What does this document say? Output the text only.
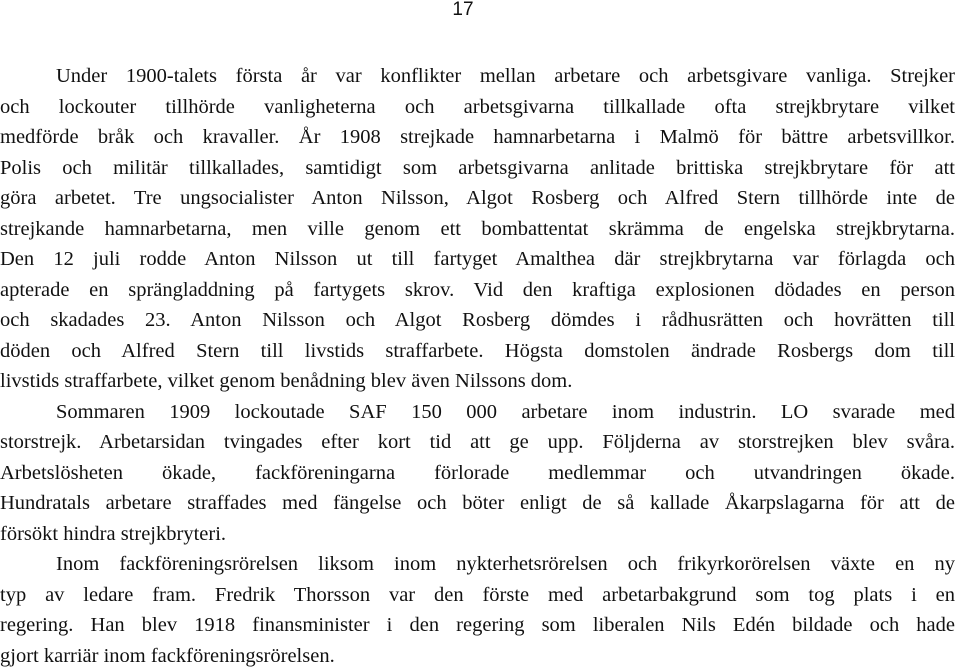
17
Under 1900-talets första år var konflikter mellan arbetare och arbetsgivare vanliga. Strejker
och lockouter tillhörde vanligheterna och arbetsgivarna tillkallade ofta strejkbrytare vilket
medförde bråk och kravaller. År 1908 strejkade hamnarbetarna i Malmö för bättre arbetsvillkor.
Polis och militär tillkallades, samtidigt som arbetsgivarna anlitade brittiska strejkbrytare för att
göra arbetet. Tre ungsocialister Anton Nilsson, Algot Rosberg och Alfred Stern tillhörde inte de
strejkande hamnarbetarna, men ville genom ett bombattentat skrämma de engelska strejkbrytarna.
Den 12 juli rodde Anton Nilsson ut till fartyget Amalthea där strejkbrytarna var förlagda och
apterade en sprängladdning på fartygets skrov. Vid den kraftiga explosionen dödades en person
och skadades 23. Anton Nilsson och Algot Rosberg dömdes i rådhusrätten och hovrätten till
döden och Alfred Stern till livstids straffarbete. Högsta domstolen ändrade Rosbergs dom till
livstids straffarbete, vilket genom benådning blev även Nilssons dom.
Sommaren 1909 lockoutade SAF 150 000 arbetare inom industrin. LO svarade med
storstrejk. Arbetarsidan tvingades efter kort tid att ge upp. Följderna av storstrejken blev svåra.
Arbetslösheten ökade, fackföreningarna förlorade medlemmar och utvandringen ökade.
Hundratals arbetare straffades med fängelse och böter enligt de så kallade Åkarpslagarna för att de
försökt hindra strejkbryteri.
Inom fackföreningsrörelsen liksom inom nykterhetsrörelsen och frikyrkorörelsen växte en ny
typ av ledare fram. Fredrik Thorsson var den förste med arbetarbakgrund som tog plats i en
regering. Han blev 1918 finansminister i den regering som liberalen Nils Edén bildade och hade
gjort karriär inom fackföreningsrörelsen.
